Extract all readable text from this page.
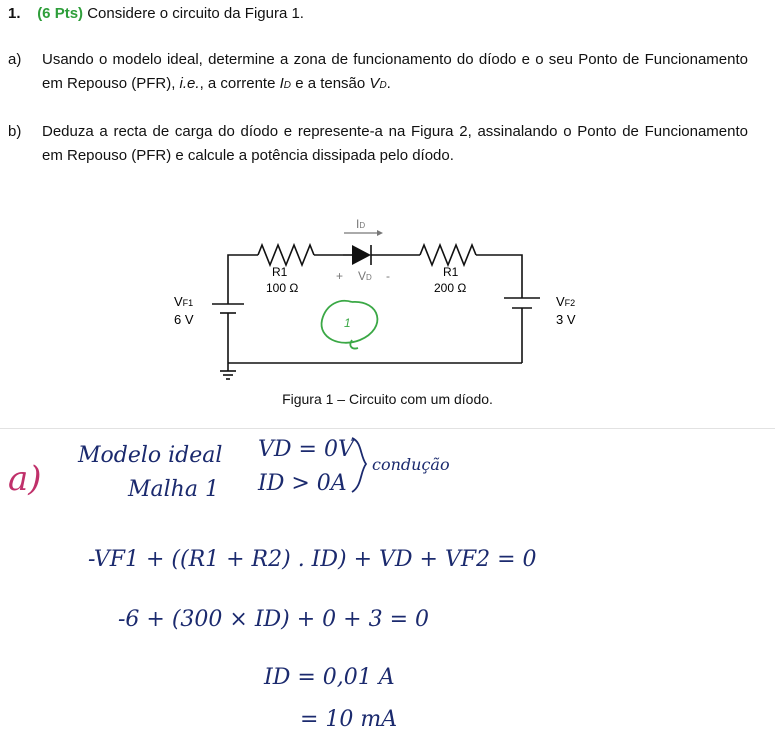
1. (6 Pts) Considere o circuito da Figura 1.
a) Usando o modelo ideal, determine a zona de funcionamento do díodo e o seu Ponto de Funcionamento em Repouso (PFR), i.e., a corrente ID e a tensão VD.
b) Deduza a recta de carga do díodo e represente-a na Figura 2, assinalando o Ponto de Funcionamento em Repouso (PFR) e calcule a potência dissipada pelo díodo.
ID
R1
100 Ω
R1
200 Ω
+ VD -
VF1
6 V
VF2
3 V
1
Figura 1 – Circuito com um díodo.
a)
Modelo ideal
Malha 1
VD = 0V
ID > 0A
condução
-VF1 + ((R1 + R2) . ID) + VD + VF2 = 0
-6 + (300 × ID) + 0 + 3 = 0
ID = 0,01 A
= 10 mA
